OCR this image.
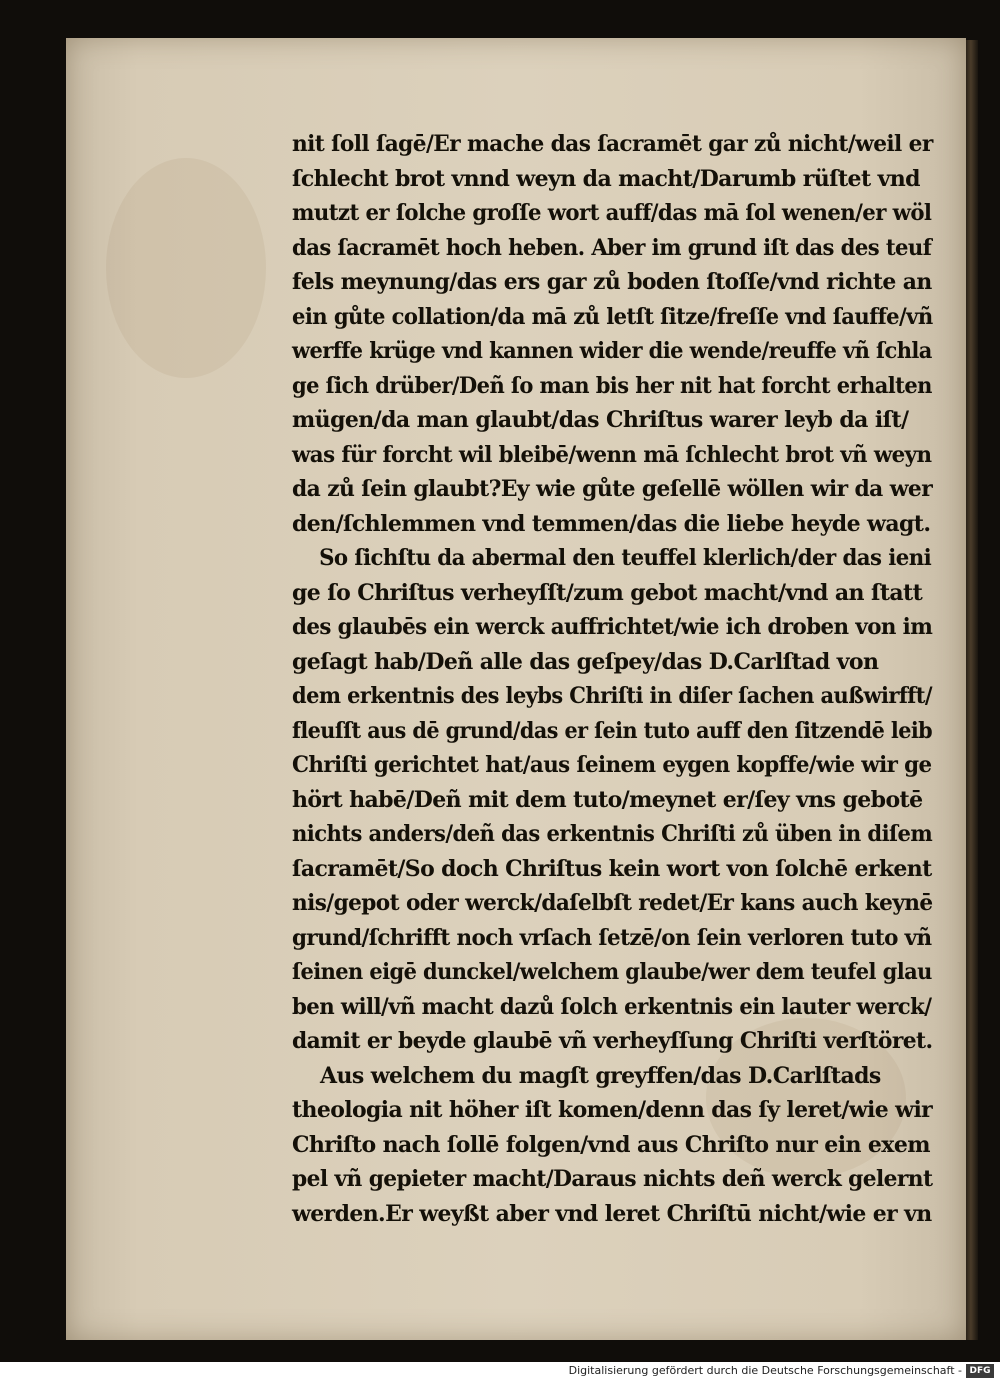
nit ſoll ſagē/Er mache das ſacramēt gar zů nicht/weil er
ſchlecht brot vnnd weyn da macht/Darumb rüſtet vnd
mutzt er ſolche groſſe wort auff/das mā ſol wenen/er wöl
das ſacramēt hoch heben. Aber im grund iſt das des teuf
fels meynung/das ers gar zů boden ſtoſſe/vnd richte an
ein gůte collation/da mā zů letſt ſitze/freſſe vnd ſauffe/vñ
werffe krüge vnd kannen wider die wende/reuffe vñ ſchla
ge ſich drüber/Deñ ſo man bis her nit hat forcht erhalten
mügen/da man glaubt/das Chriſtus warer leyb da iſt/
was für forcht wil bleibē/wenn mā ſchlecht brot vñ weyn
da zů ſein glaubt?Ey wie gůte geſellē wöllen wir da wer
den/ſchlemmen vnd temmen/das die liebe heyde wagt.
So ſichſtu da abermal den teuffel klerlich/der das ieni
ge ſo Chriſtus verheyſſt/zum gebot macht/vnd an ſtatt
des glaubēs ein werck auffrichtet/wie ich droben von im
geſagt hab/Deñ alle das geſpey/das D.Carlſtad von
dem erkentnis des leybs Chriſti in diſer ſachen außwirfft/
fleuſſt aus dē grund/das er ſein tuto auff den ſitzendē leib
Chriſti gerichtet hat/aus ſeinem eygen kopffe/wie wir ge
hört habē/Deñ mit dem tuto/meynet er/ſey vns gebotē
nichts anders/deñ das erkentnis Chriſti zů üben in diſem
ſacramēt/So doch Chriſtus kein wort von ſolchē erkent
nis/gepot oder werck/daſelbſt redet/Er kans auch keynē
grund/ſchrifft noch vrſach ſetzē/on ſein verloren tuto vñ
ſeinen eigē dunckel/welchem glaube/wer dem teufel glau
ben will/vñ macht dazů ſolch erkentnis ein lauter werck/
damit er beyde glaubē vñ verheyſſung Chriſti verſtöret.
Aus welchem du magſt greyffen/das D.Carlſtads
theologia nit höher iſt komen/denn das ſy leret/wie wir
Chriſto nach ſollē folgen/vnd aus Chriſto nur ein exem
pel vñ gepieter macht/Daraus nichts deñ werck gelernt
werden.Er weyßt aber vnd leret Chriſtū nicht/wie er vn
Digitalisierung gefördert durch die Deutsche Forschungsgemeinschaft - DFG
